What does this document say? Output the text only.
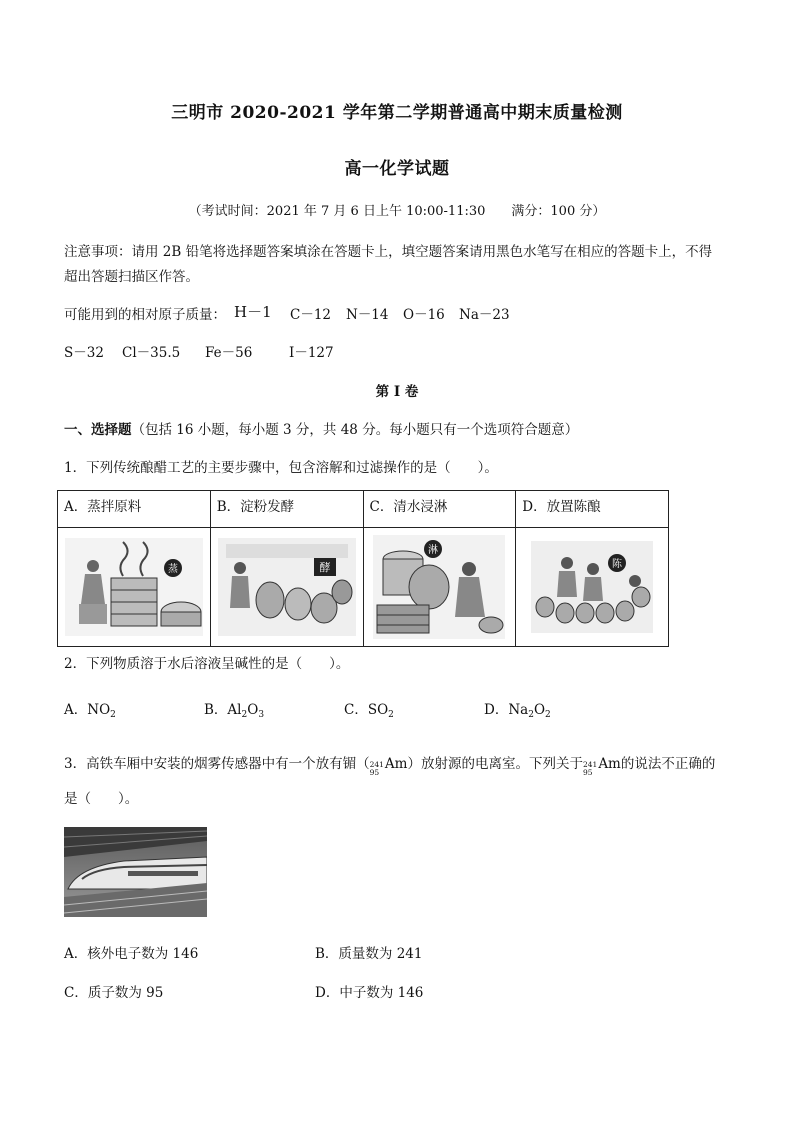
三明市 2020-2021 学年第二学期普通高中期末质量检测
高一化学试题
（考试时间：2021 年 7 月 6 日上午 10:00-11:30　　满分：100 分）
注意事项：请用 2B 铅笔将选择题答案填涂在答题卡上，填空题答案请用黑色水笔写在相应的答题卡上，不得
超出答题扫描区作答。
可能用到的相对原子质量： H－1 C－12 N－14 O－16 Na－23
S－32 Cl－35.5 Fe－56	I－127
第 I 卷
一、选择题（包括 16 小题，每小题 3 分，共 48 分。每小题只有一个选项符合题意）
1．下列传统酿醋工艺的主要步骤中，包含溶解和过滤操作的是（　　）。
A．蒸拌原料	B．淀粉发酵	C．清水浸淋	D．放置陈酿

蒸	酵	淋	陈
2．下列物质溶于水后溶液呈碱性的是（　　）。
A．$NO_2$	B．$Al_2O_3$	C．$SO_2$	D．$Na_2O_2$
3．高铁车厢中安装的烟雾传感器中有一个放有镅（ 241
95
Am）放射源的电离室。下列关于 241
95
Am的说法不正确的
是（　　）。
A．核外电子数为 146	B．质量数为 241
C．质子数为 95	D．中子数为 146
